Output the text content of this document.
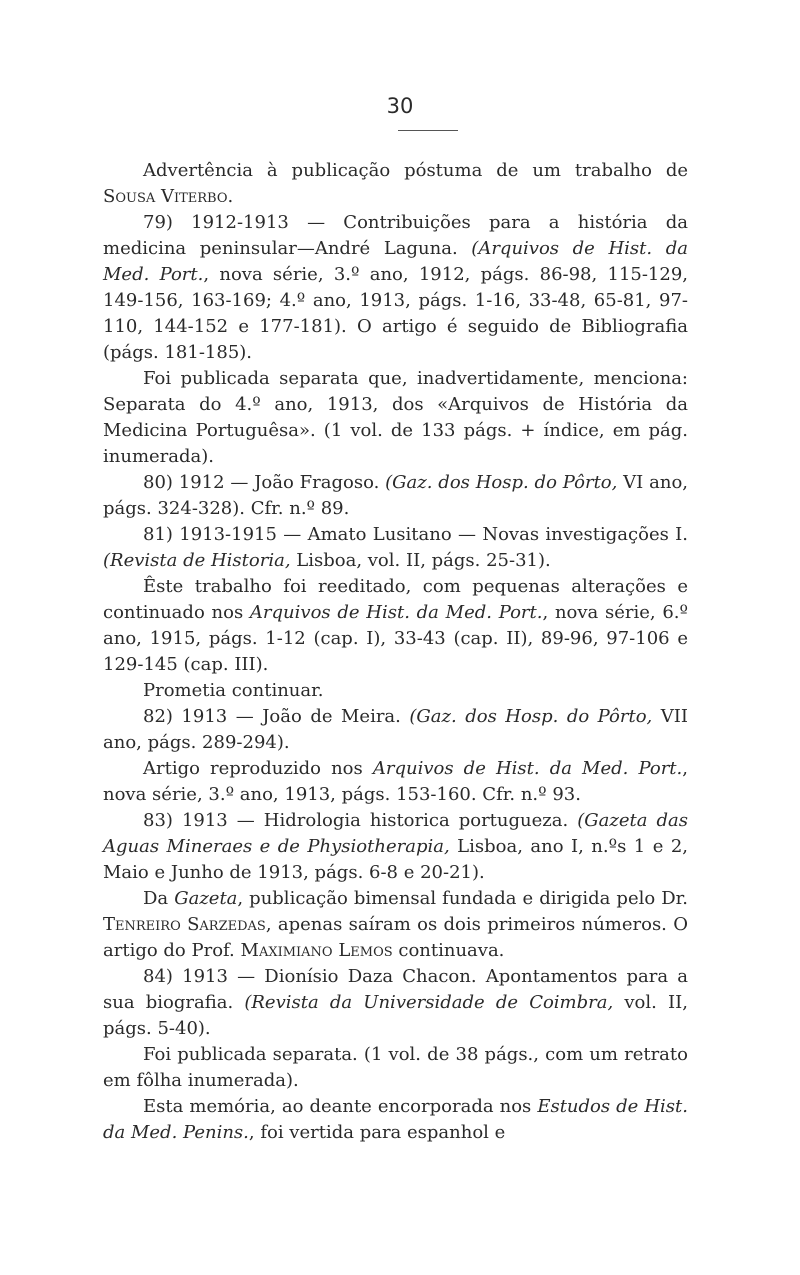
30

Advertência à publicação póstuma de um trabalho de Sousa Viterbo.

79) 1912-1913 — Contribuições para a história da medicina peninsular—André Laguna. (Arquivos de Hist. da Med. Port., nova série, 3.º ano, 1912, págs. 86-98, 115-129, 149-156, 163-169; 4.º ano, 1913, págs. 1-16, 33-48, 65-81, 97-110, 144-152 e 177-181). O artigo é seguido de Bibliografia (págs. 181-185).

Foi publicada separata que, inadvertidamente, menciona: Separata do 4.º ano, 1913, dos «Arquivos de História da Medicina Portuguêsa». (1 vol. de 133 págs. + índice, em pág. inumerada).

80) 1912 — João Fragoso. (Gaz. dos Hosp. do Pôrto, VI ano, págs. 324-328). Cfr. n.º 89.

81) 1913-1915 — Amato Lusitano — Novas investigações I. (Revista de Historia, Lisboa, vol. II, págs. 25-31).

Êste trabalho foi reeditado, com pequenas alterações e continuado nos Arquivos de Hist. da Med. Port., nova série, 6.º ano, 1915, págs. 1-12 (cap. I), 33-43 (cap. II), 89-96, 97-106 e 129-145 (cap. III).

Prometia continuar.

82) 1913 — João de Meira. (Gaz. dos Hosp. do Pôrto, VII ano, págs. 289-294).

Artigo reproduzido nos Arquivos de Hist. da Med. Port., nova série, 3.º ano, 1913, págs. 153-160. Cfr. n.º 93.

83) 1913 — Hidrologia historica portugueza. (Gazeta das Aguas Mineraes e de Physiotherapia, Lisboa, ano I, n.ºs 1 e 2, Maio e Junho de 1913, págs. 6-8 e 20-21).

Da Gazeta, publicação bimensal fundada e dirigida pelo Dr. Tenreiro Sarzedas, apenas saíram os dois primeiros números. O artigo do Prof. Maximiano Lemos continuava.

84) 1913 — Dionísio Daza Chacon. Apontamentos para a sua biografia. (Revista da Universidade de Coimbra, vol. II, págs. 5-40).

Foi publicada separata. (1 vol. de 38 págs., com um retrato em fôlha inumerada).

Esta memória, ao deante encorporada nos Estudos de Hist. da Med. Penins., foi vertida para espanhol e
